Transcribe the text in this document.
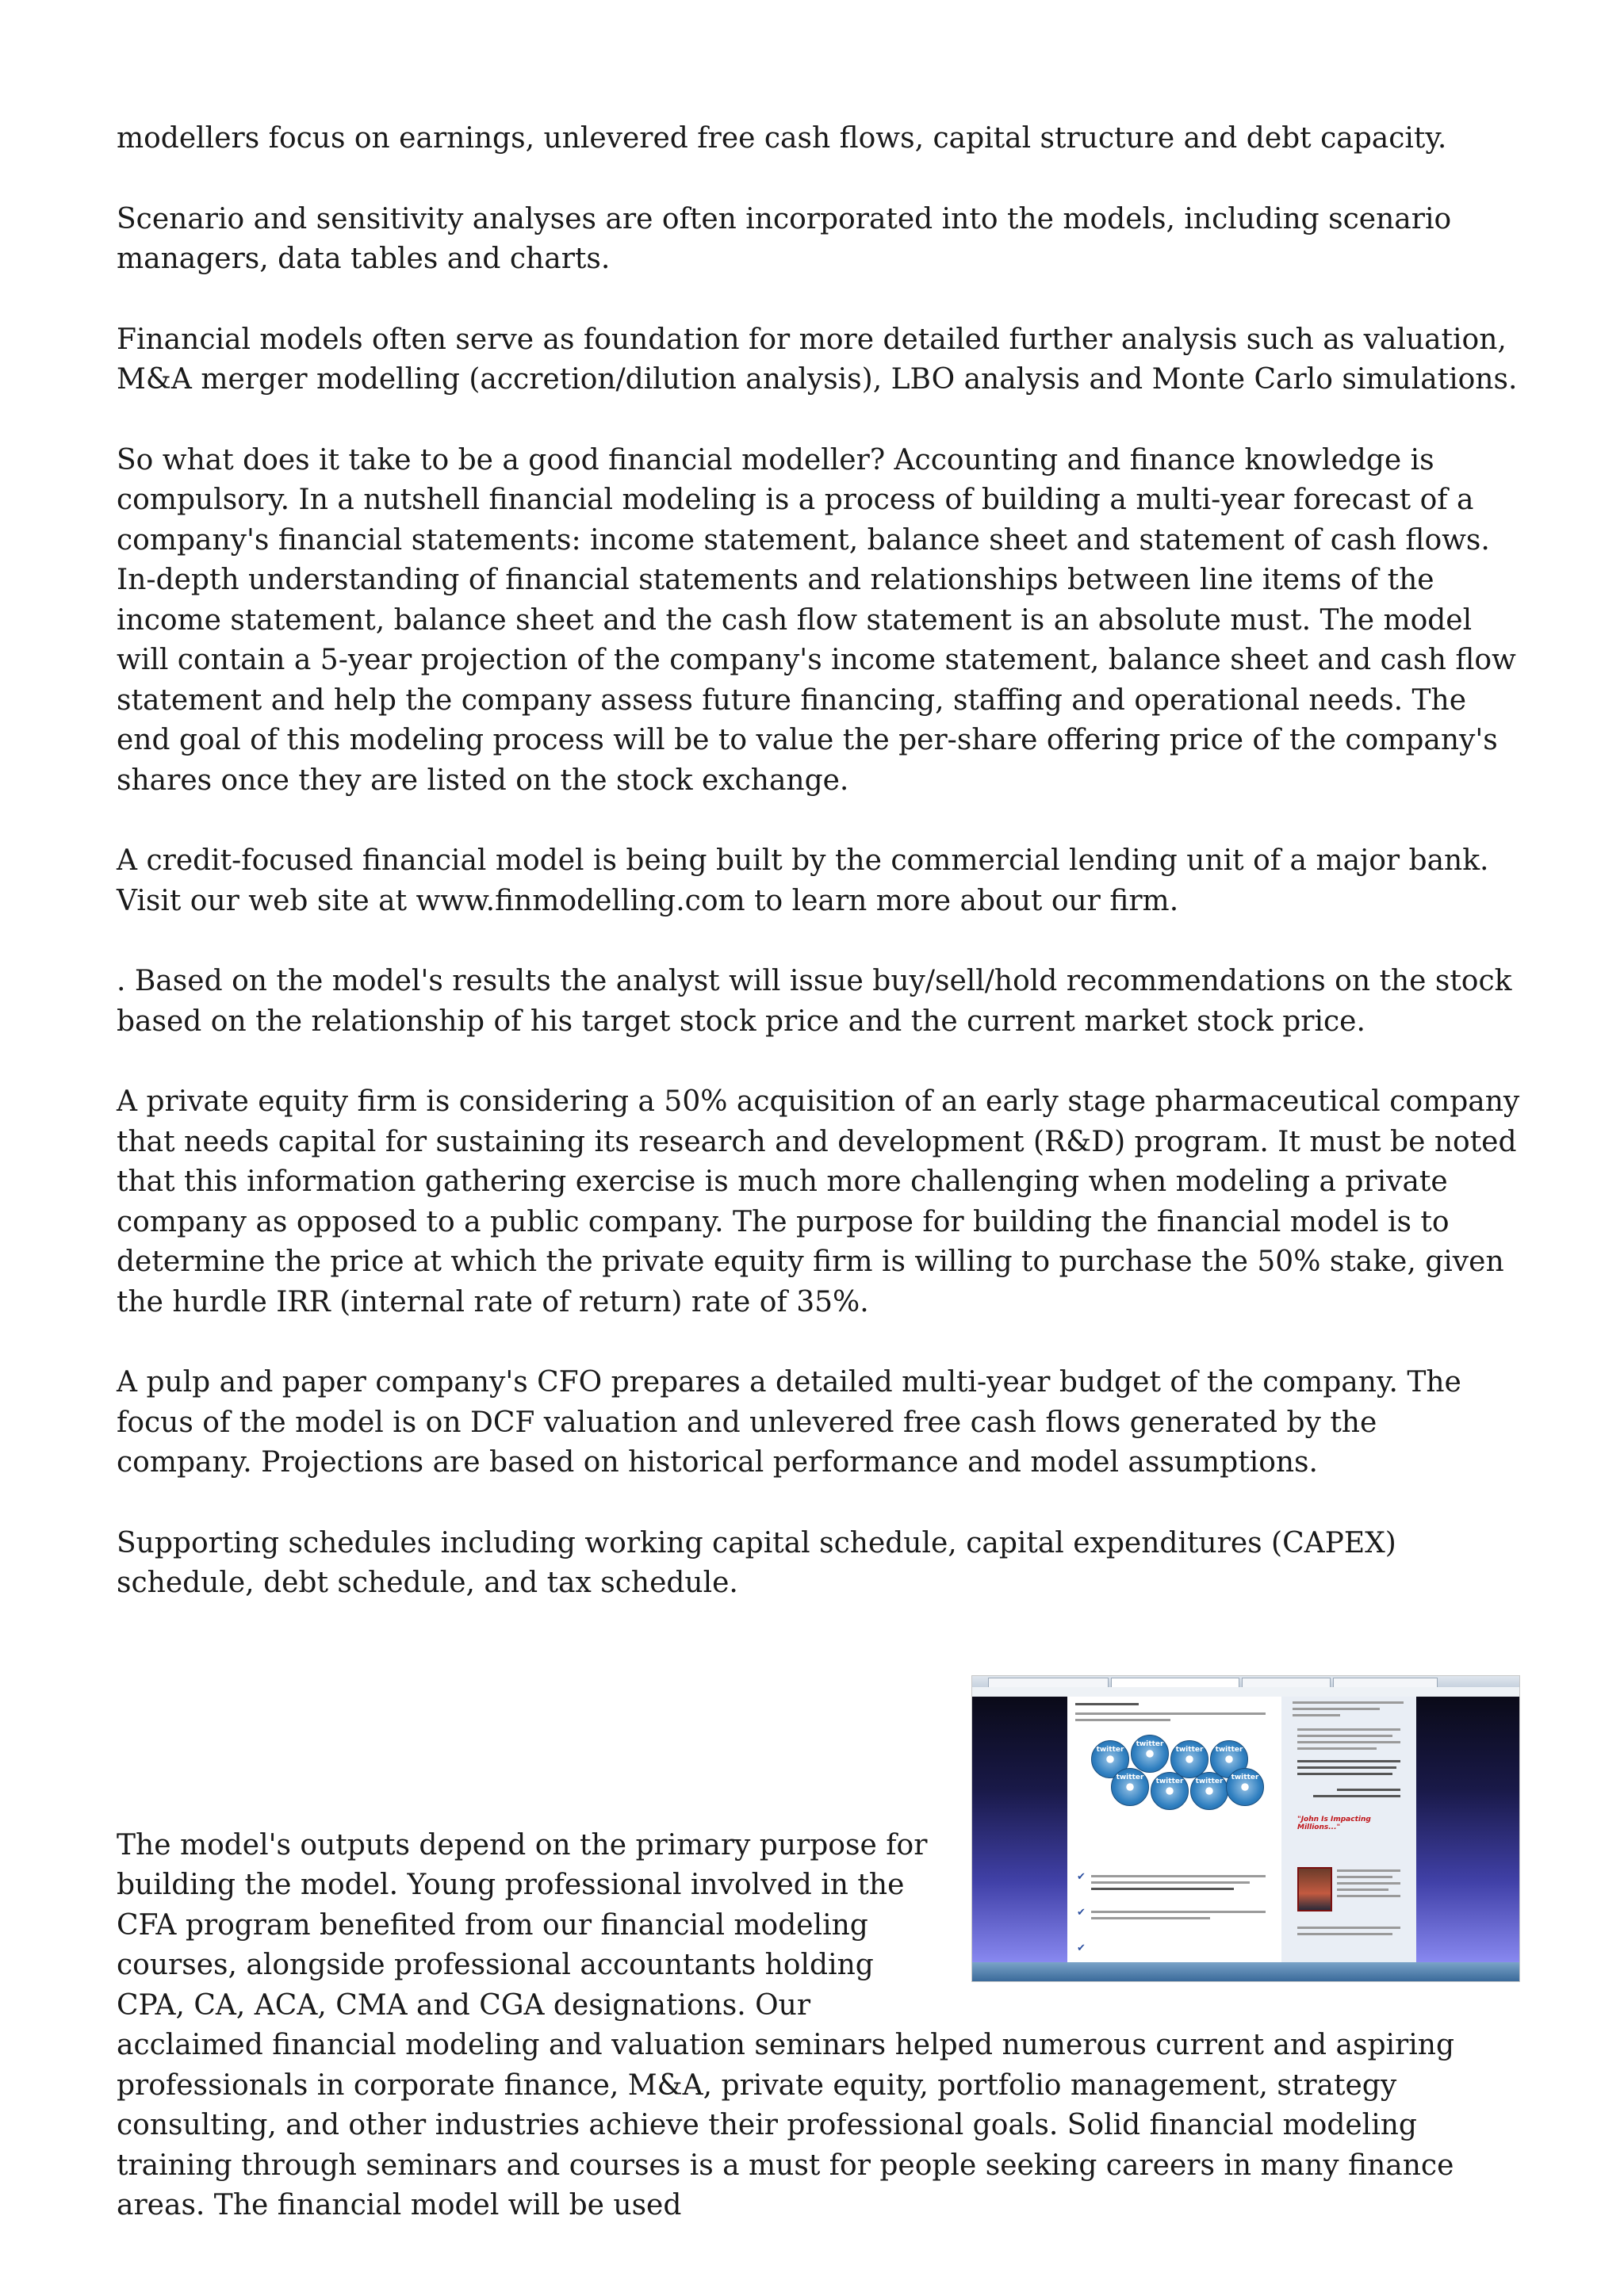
modellers focus on earnings, unlevered free cash flows, capital structure and debt capacity.

Scenario and sensitivity analyses are often incorporated into the models, including scenario managers, data tables and charts.

Financial models often serve as foundation for more detailed further analysis such as valuation, M&A merger modelling (accretion/dilution analysis), LBO analysis and Monte Carlo simulations.

So what does it take to be a good financial modeller? Accounting and finance knowledge is compulsory. In a nutshell financial modeling is a process of building a multi-year forecast of a company's financial statements: income statement, balance sheet and statement of cash flows. In-depth understanding of financial statements and relationships between line items of the income statement, balance sheet and the cash flow statement is an absolute must. The model will contain a 5-year projection of the company's income statement, balance sheet and cash flow statement and help the company assess future financing, staffing and operational needs. The end goal of this modeling process will be to value the per-share offering price of the company's shares once they are listed on the stock exchange.

A credit-focused financial model is being built by the commercial lending unit of a major bank. Visit our web site at www.finmodelling.com to learn more about our firm.

. Based on the model's results the analyst will issue buy/sell/hold recommendations on the stock based on the relationship of his target stock price and the current market stock price.

A private equity firm is considering a 50% acquisition of an early stage pharmaceutical company that needs capital for sustaining its research and development (R&D) program. It must be noted that this information gathering exercise is much more challenging when modeling a private company as opposed to a public company. The purpose for building the financial model is to determine the price at which the private equity firm is willing to purchase the 50% stake, given the hurdle IRR (internal rate of return) rate of 35%.

A pulp and paper company's CFO prepares a detailed multi-year budget of the company. The focus of the model is on DCF valuation and unlevered free cash flows generated by the company. Projections are based on historical performance and model assumptions.

Supporting schedules including working capital schedule, capital expenditures (CAPEX) schedule, debt schedule, and tax schedule.

twitter
twitter
twitter	twitter
twitter	twitter	twitter	twitter
✔
✔
✔
"John Is Impacting Millions..."

The model's outputs depend on the primary purpose for building the model. Young professional involved in the CFA program benefited from our financial modeling courses, alongside professional accountants holding CPA, CA, ACA, CMA and CGA designations. Our acclaimed financial modeling and valuation seminars helped numerous current and aspiring professionals in corporate finance, M&A, private equity, portfolio management, strategy consulting, and other industries achieve their professional goals. Solid financial modeling training through seminars and courses is a must for people seeking careers in many finance areas. The financial model will be used
